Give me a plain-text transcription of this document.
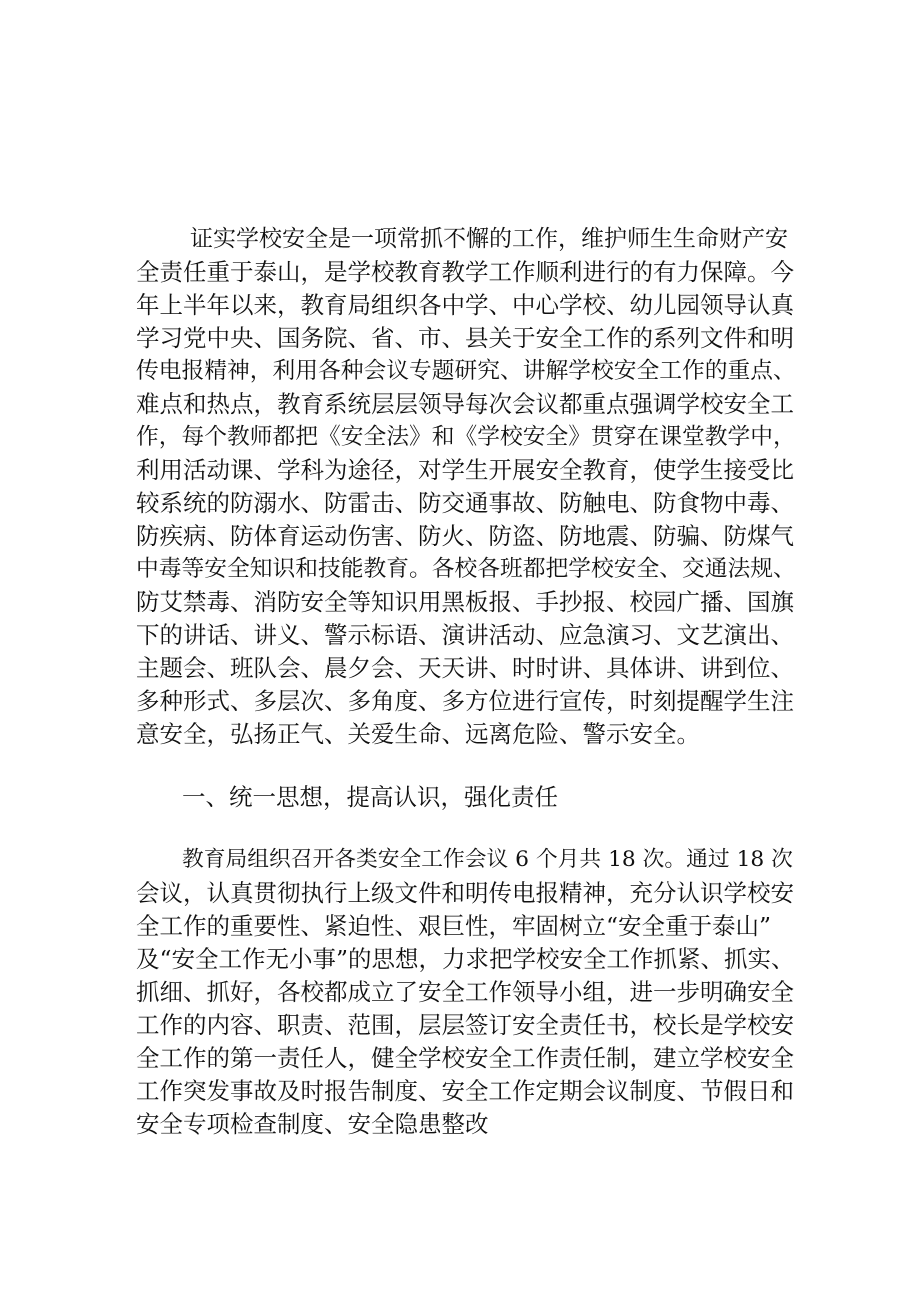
证实学校安全是一项常抓不懈的工作，维护师生生命财产安
全责任重于泰山，是学校教育教学工作顺利进行的有力保障。今
年上半年以来，教育局组织各中学、中心学校、幼儿园领导认真
学习党中央、国务院、省、市、县关于安全工作的系列文件和明
传电报精神，利用各种会议专题研究、讲解学校安全工作的重点、
难点和热点，教育系统层层领导每次会议都重点强调学校安全工
作，每个教师都把《安全法》和《学校安全》贯穿在课堂教学中，
利用活动课、学科为途径，对学生开展安全教育，使学生接受比
较系统的防溺水、防雷击、防交通事故、防触电、防食物中毒、
防疾病、防体育运动伤害、防火、防盗、防地震、防骗、防煤气
中毒等安全知识和技能教育。各校各班都把学校安全、交通法规、
防艾禁毒、消防安全等知识用黑板报、手抄报、校园广播、国旗
下的讲话、讲义、警示标语、演讲活动、应急演习、文艺演出、
主题会、班队会、晨夕会、天天讲、时时讲、具体讲、讲到位、
多种形式、多层次、多角度、多方位进行宣传，时刻提醒学生注
意安全，弘扬正气、关爱生命、远离危险、警示安全。
一、统一思想，提高认识，强化责任
教育局组织召开各类安全工作会议 6 个月共 18 次。通过 18 次
会议，认真贯彻执行上级文件和明传电报精神，充分认识学校安
全工作的重要性、紧迫性、艰巨性，牢固树立“安全重于泰山”
及“安全工作无小事”的思想，力求把学校安全工作抓紧、抓实、
抓细、抓好，各校都成立了安全工作领导小组，进一步明确安全
工作的内容、职责、范围，层层签订安全责任书，校长是学校安
全工作的第一责任人，健全学校安全工作责任制，建立学校安全
工作突发事故及时报告制度、安全工作定期会议制度、节假日和
安全专项检查制度、安全隐患整改
